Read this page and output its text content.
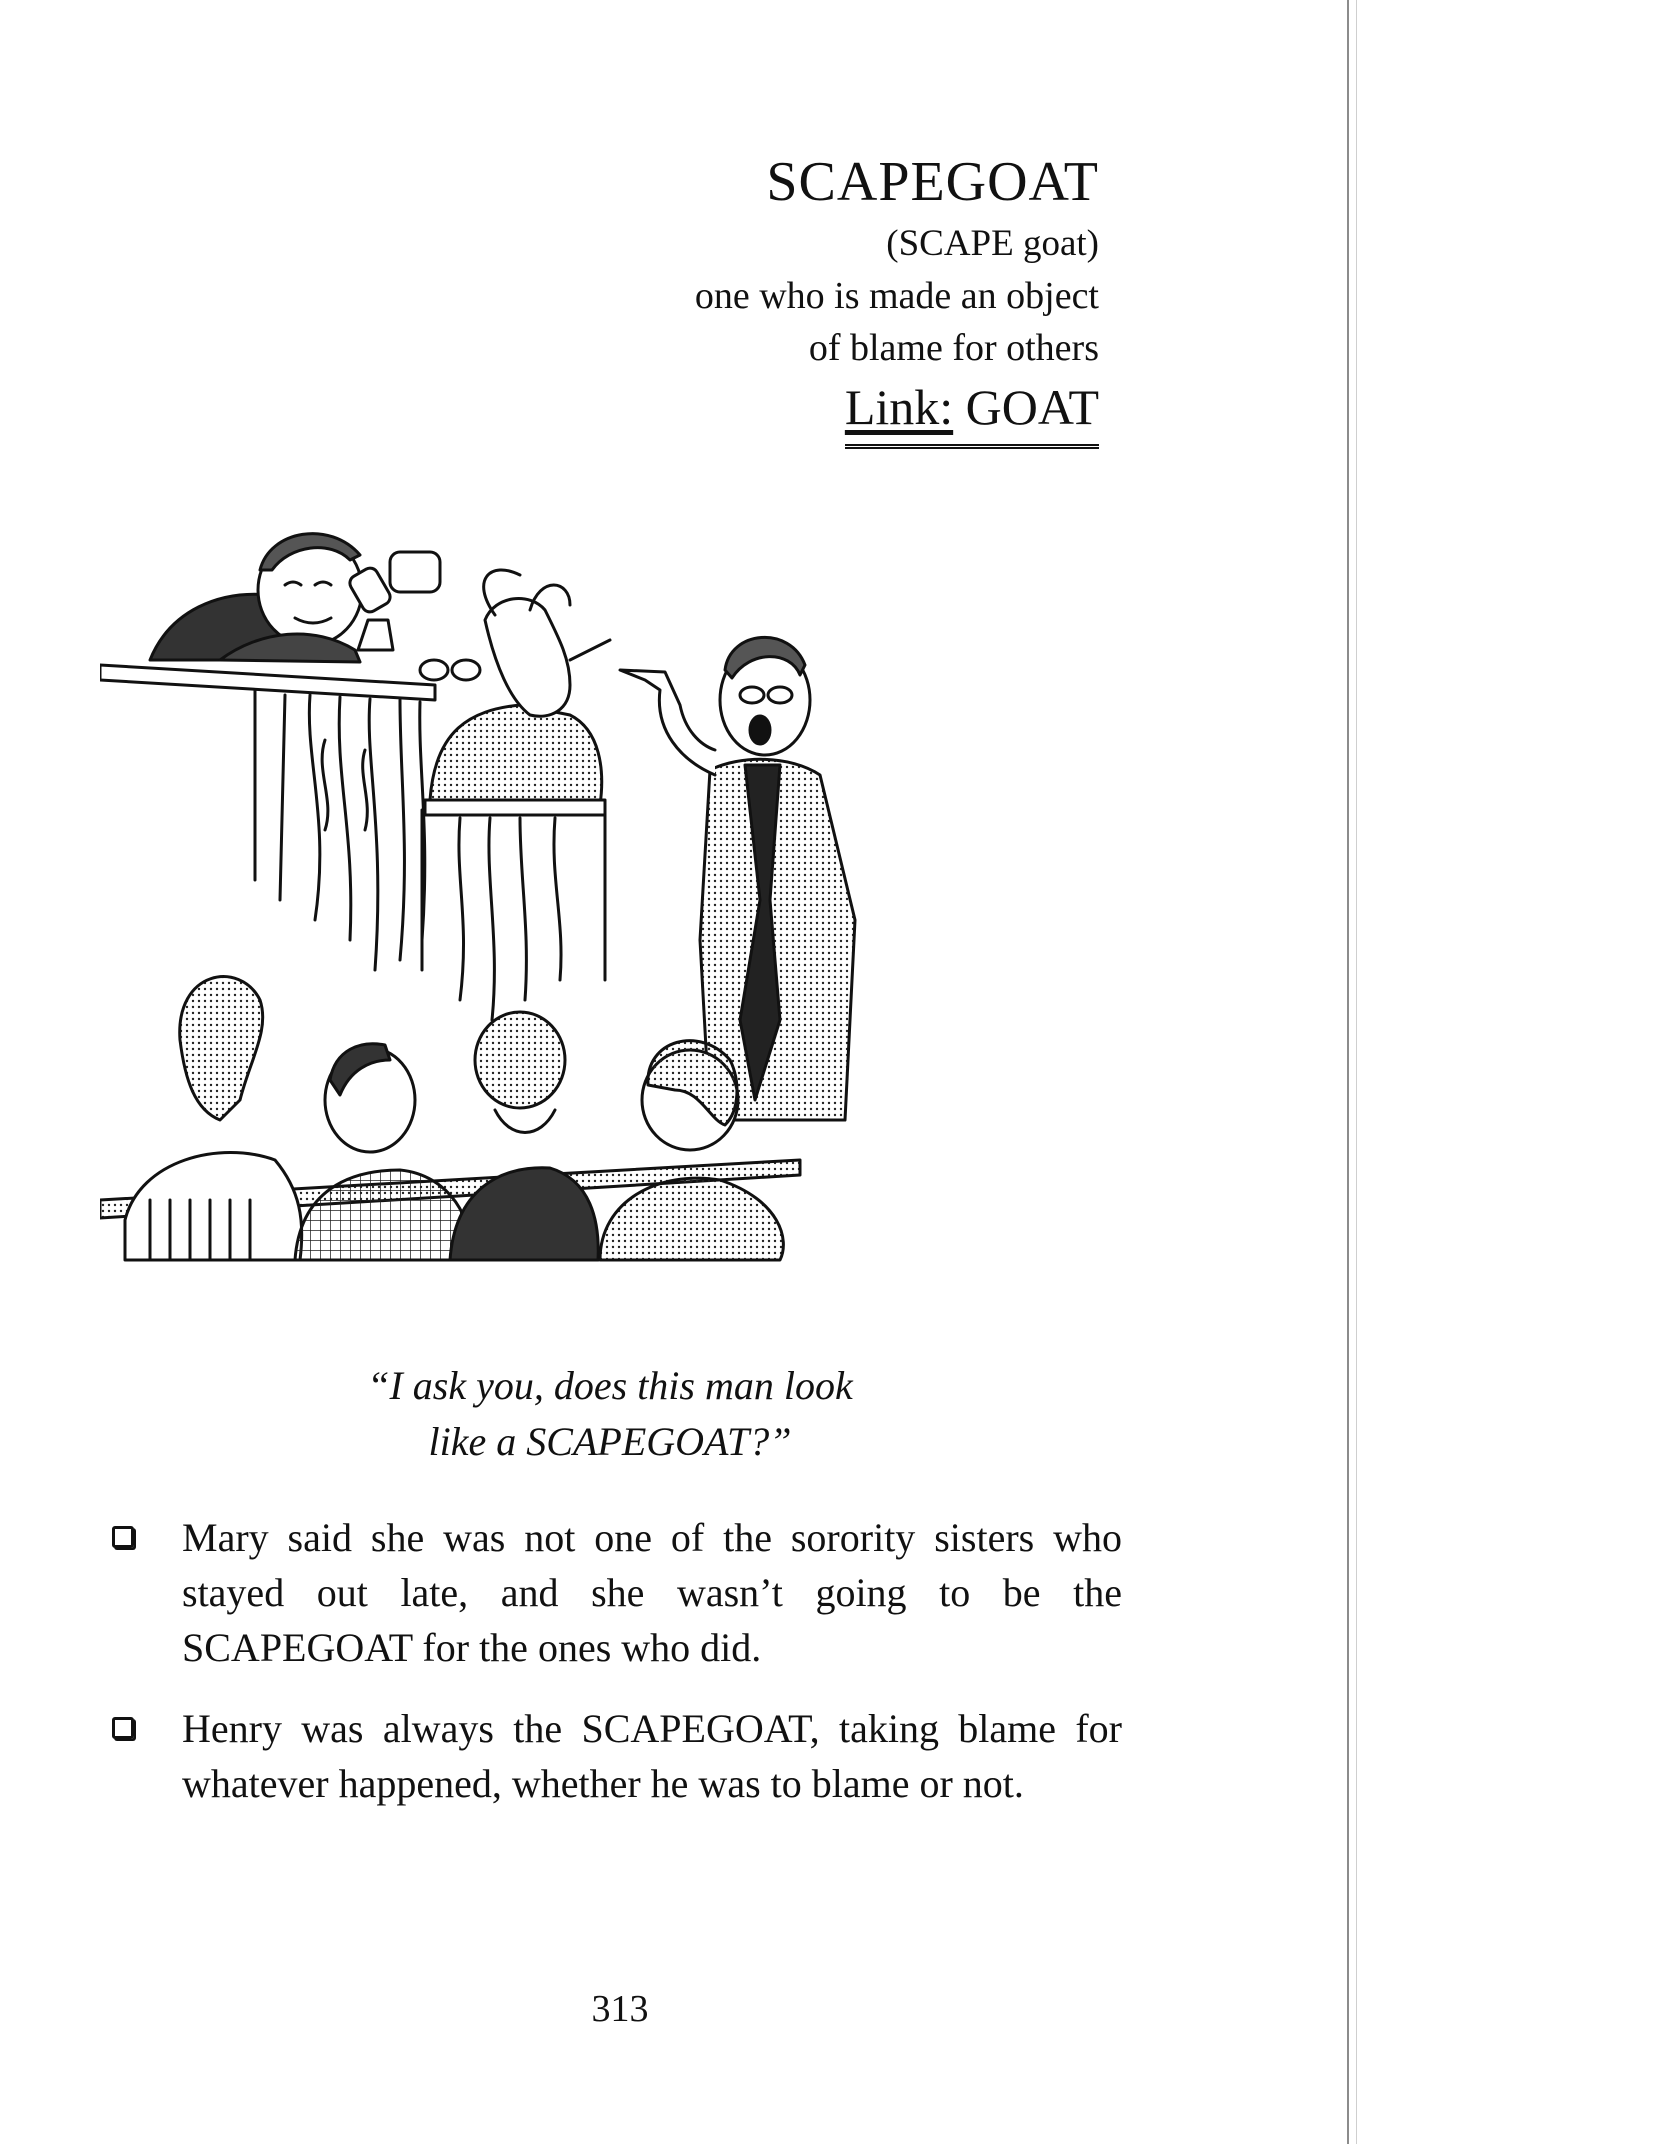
SCAPEGOAT
(SCAPE goat)
one who is made an object
of blame for others
Link: GOAT
“I ask you, does this man look
like a SCAPEGOAT?”
Mary said she was not one of the sorority sisters who stayed out late, and she wasn’t going to be the SCAPEGOAT for the ones who did.
Henry was always the SCAPEGOAT, taking blame for whatever happened, whether he was to blame or not.
313
